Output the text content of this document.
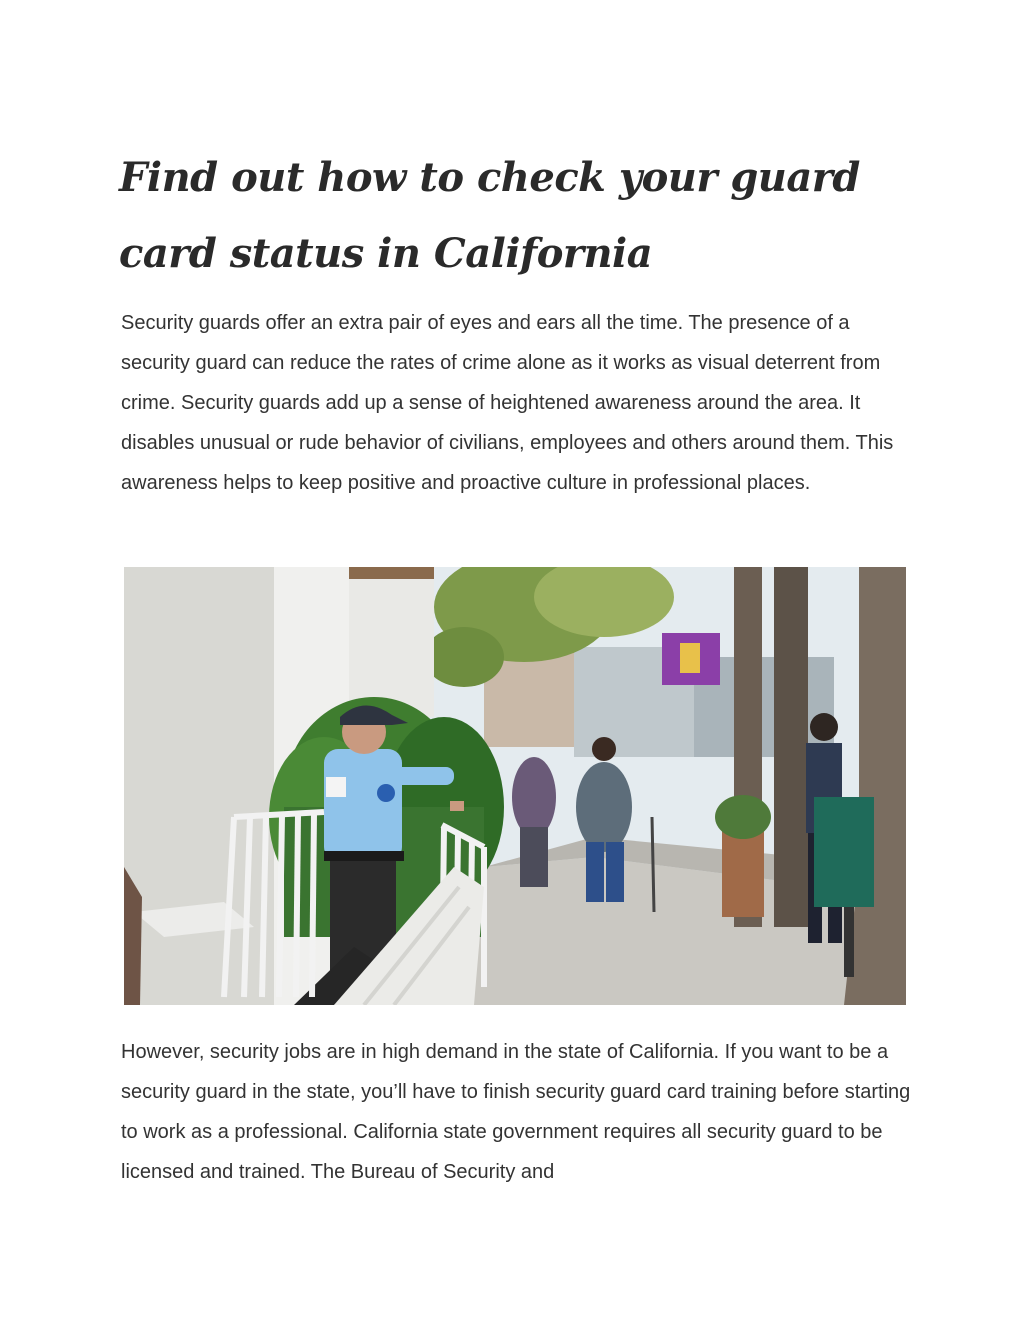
Find out how to check your guard card status in California

Security guards offer an extra pair of eyes and ears all the time. The presence of a security guard can reduce the rates of crime alone as it works as visual deterrent from crime. Security guards add up a sense of heightened awareness around the area. It disables unusual or rude behavior of civilians, employees and others around them. This awareness helps to keep positive and proactive culture in professional places.

However, security jobs are in high demand in the state of California. If you want to be a security guard in the state, you’ll have to finish security guard card training before starting to work as a professional. California state government requires all security guard to be licensed and trained. The Bureau of Security and
